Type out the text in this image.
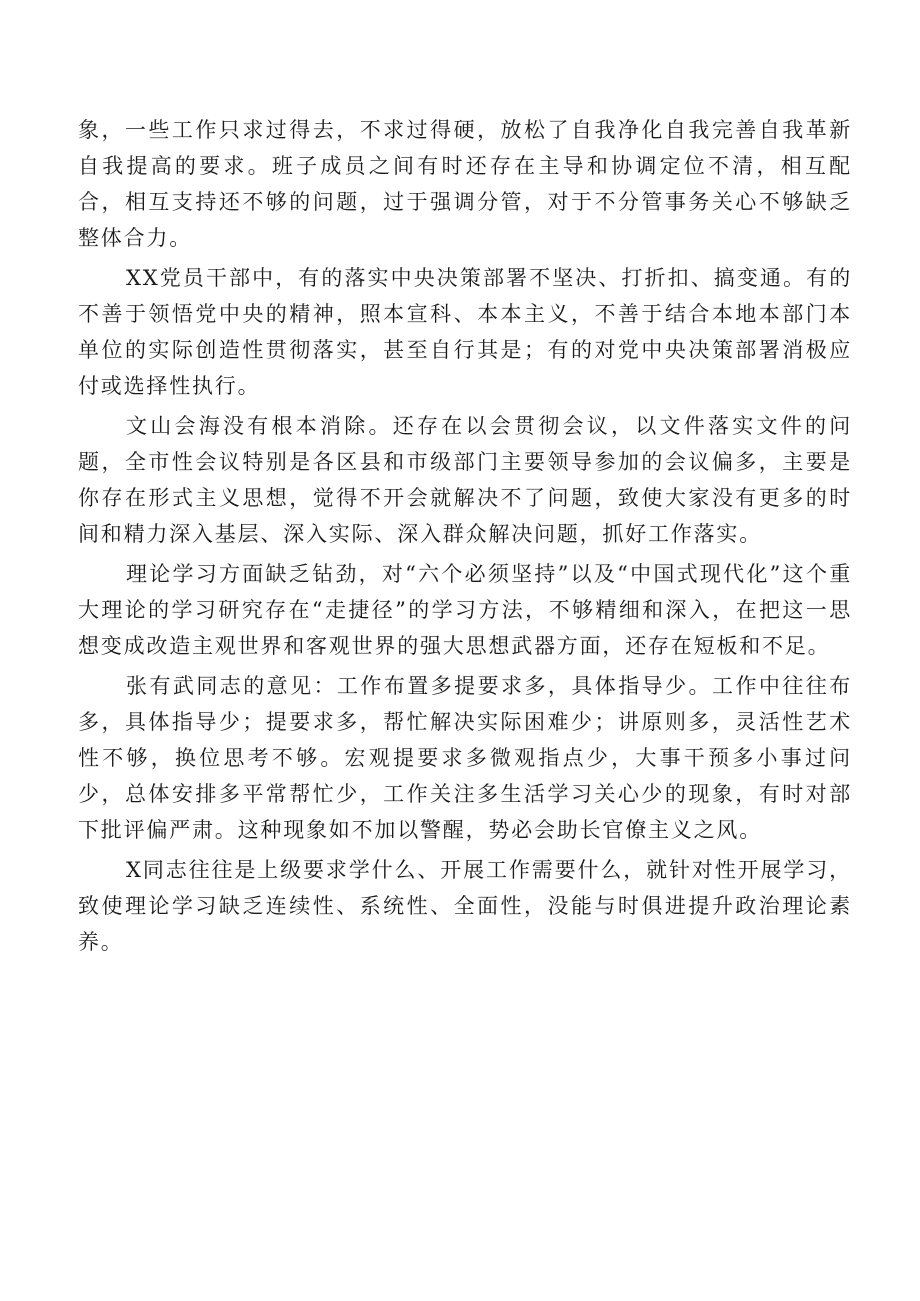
象，一些工作只求过得去，不求过得硬，放松了自我净化自我完善自我革新自我提高的要求。班子成员之间有时还存在主导和协调定位不清，相互配合，相互支持还不够的问题，过于强调分管，对于不分管事务关心不够缺乏整体合力。

XX党员干部中，有的落实中央决策部署不坚决、打折扣、搞变通。有的不善于领悟党中央的精神，照本宣科、本本主义，不善于结合本地本部门本单位的实际创造性贯彻落实，甚至自行其是；有的对党中央决策部署消极应付或选择性执行。

文山会海没有根本消除。还存在以会贯彻会议，以文件落实文件的问题，全市性会议特别是各区县和市级部门主要领导参加的会议偏多，主要是你存在形式主义思想，觉得不开会就解决不了问题，致使大家没有更多的时间和精力深入基层、深入实际、深入群众解决问题，抓好工作落实。

理论学习方面缺乏钻劲，对“六个必须坚持”以及“中国式现代化”这个重大理论的学习研究存在“走捷径”的学习方法，不够精细和深入，在把这一思想变成改造主观世界和客观世界的强大思想武器方面，还存在短板和不足。

张有武同志的意见：工作布置多提要求多，具体指导少。工作中往往布多，具体指导少；提要求多，帮忙解决实际困难少；讲原则多，灵活性艺术性不够，换位思考不够。宏观提要求多微观指点少，大事干预多小事过问少，总体安排多平常帮忙少，工作关注多生活学习关心少的现象，有时对部下批评偏严肃。这种现象如不加以警醒，势必会助长官僚主义之风。

X同志往往是上级要求学什么、开展工作需要什么，就针对性开展学习，致使理论学习缺乏连续性、系统性、全面性，没能与时俱进提升政治理论素养。
